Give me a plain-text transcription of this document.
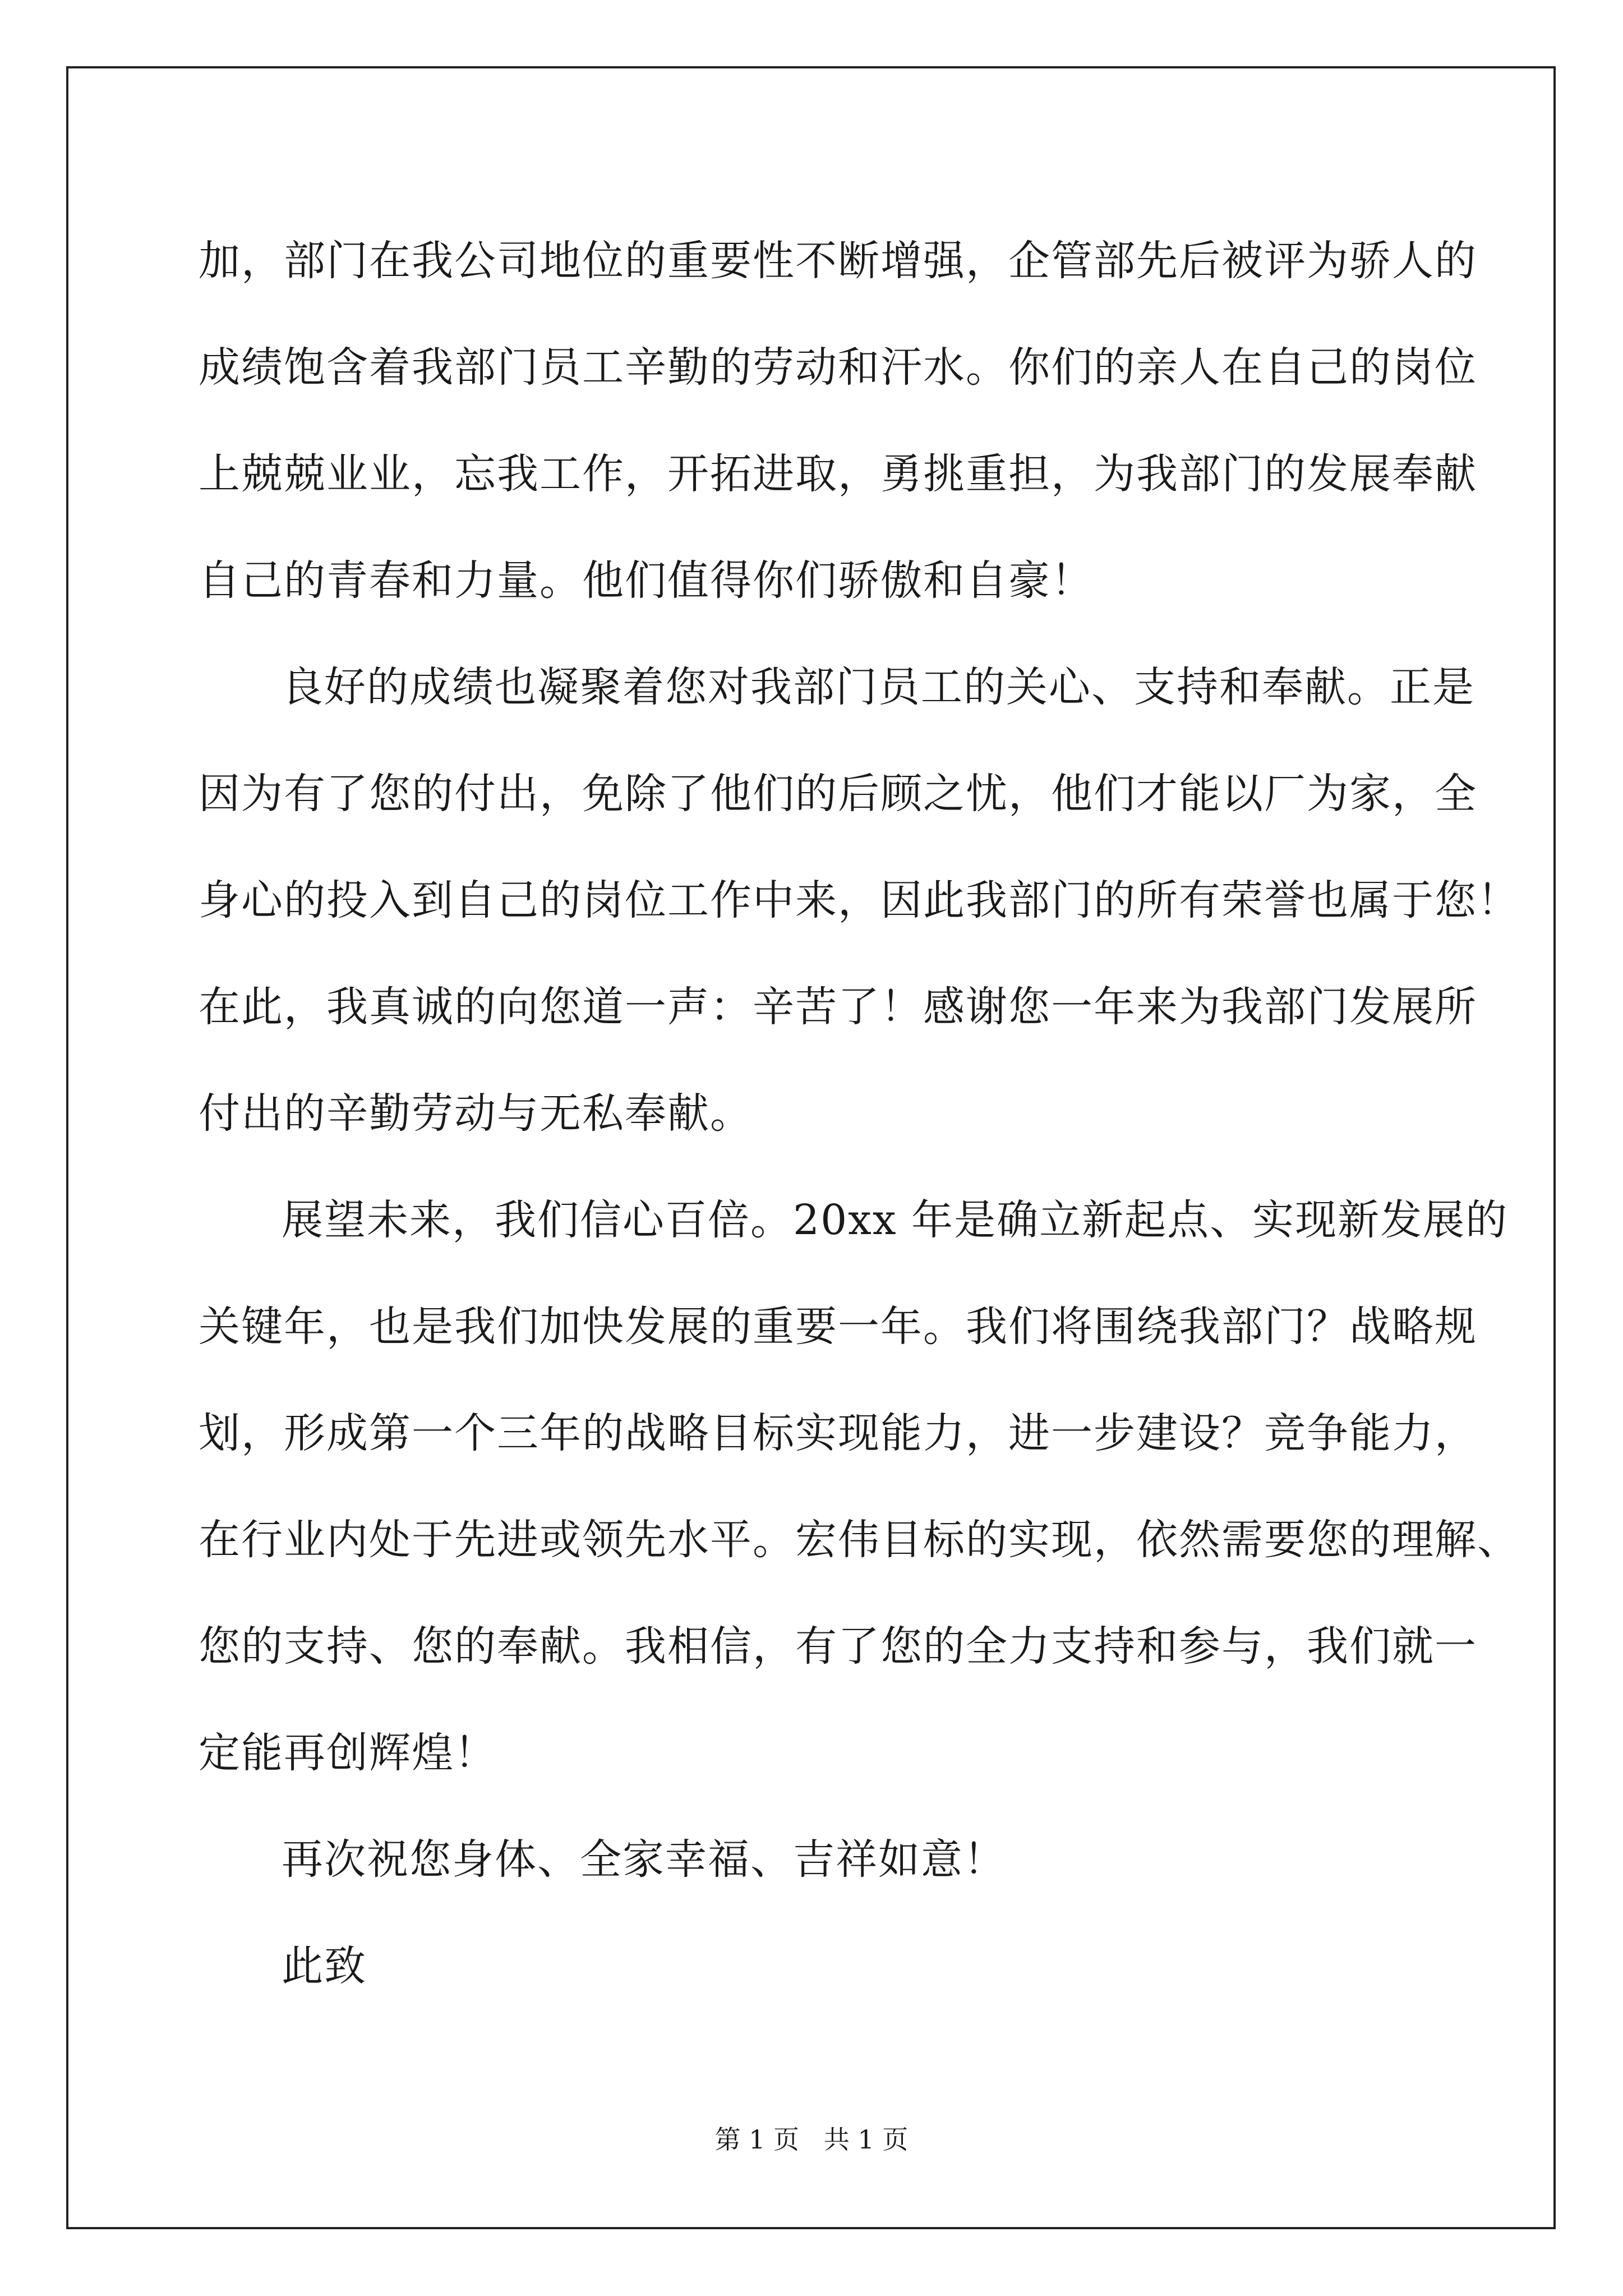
加，部门在我公司地位的重要性不断增强，企管部先后被评为骄人的
成绩饱含着我部门员工辛勤的劳动和汗水。你们的亲人在自己的岗位
上兢兢业业，忘我工作，开拓进取，勇挑重担，为我部门的发展奉献
自己的青春和力量。他们值得你们骄傲和自豪！
良好的成绩也凝聚着您对我部门员工的关心、支持和奉献。正是
因为有了您的付出，免除了他们的后顾之忧，他们才能以厂为家，全
身心的投入到自己的岗位工作中来，因此我部门的所有荣誉也属于您！
在此，我真诚的向您道一声：辛苦了！感谢您一年来为我部门发展所
付出的辛勤劳动与无私奉献。
展望未来，我们信心百倍。20xx 年是确立新起点、实现新发展的
关键年，也是我们加快发展的重要一年。我们将围绕我部门？战略规
划，形成第一个三年的战略目标实现能力，进一步建设？竞争能力，
在行业内处于先进或领先水平。宏伟目标的实现，依然需要您的理解、
您的支持、您的奉献。我相信，有了您的全力支持和参与，我们就一
定能再创辉煌！
再次祝您身体、全家幸福、吉祥如意！
此致
第 1 页   共 1 页
